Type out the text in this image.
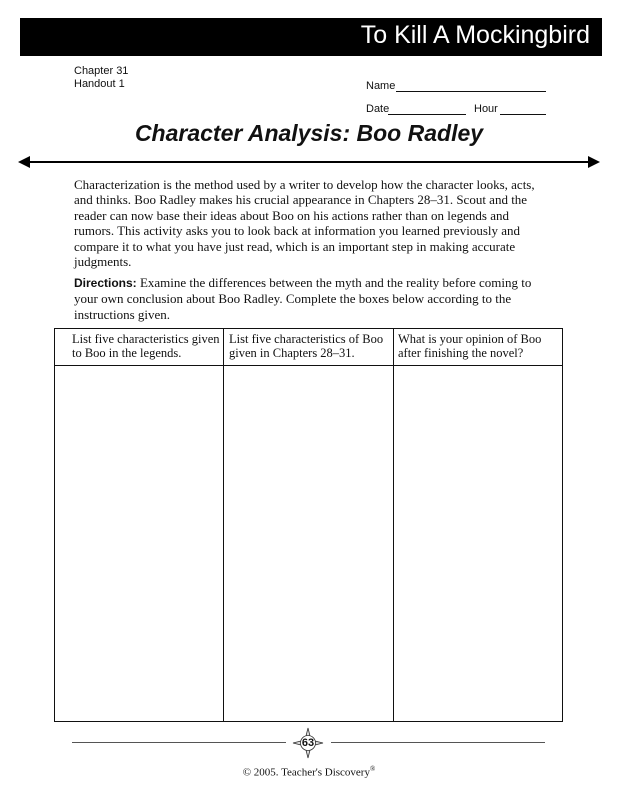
To Kill A Mockingbird
Chapter 31
Handout 1	Name
Date	Hour
Character Analysis: Boo Radley
Characterization is the method used by a writer to develop how the character looks, acts, and thinks. Boo Radley makes his crucial appearance in Chapters 28–31. Scout and the reader can now base their ideas about Boo on his actions rather than on legends and rumors. This activity asks you to look back at information you learned previously and compare it to what you have just read, which is an important step in making accurate judgments.
Directions: Examine the differences between the myth and the reality before coming to your own conclusion about Boo Radley. Complete the boxes below according to the instructions given.
List five characteristics given to Boo in the legends.
List five characteristics of Boo given in Chapters 28–31.
What is your opinion of Boo after finishing the novel?
63
© 2005. Teacher's Discovery®
